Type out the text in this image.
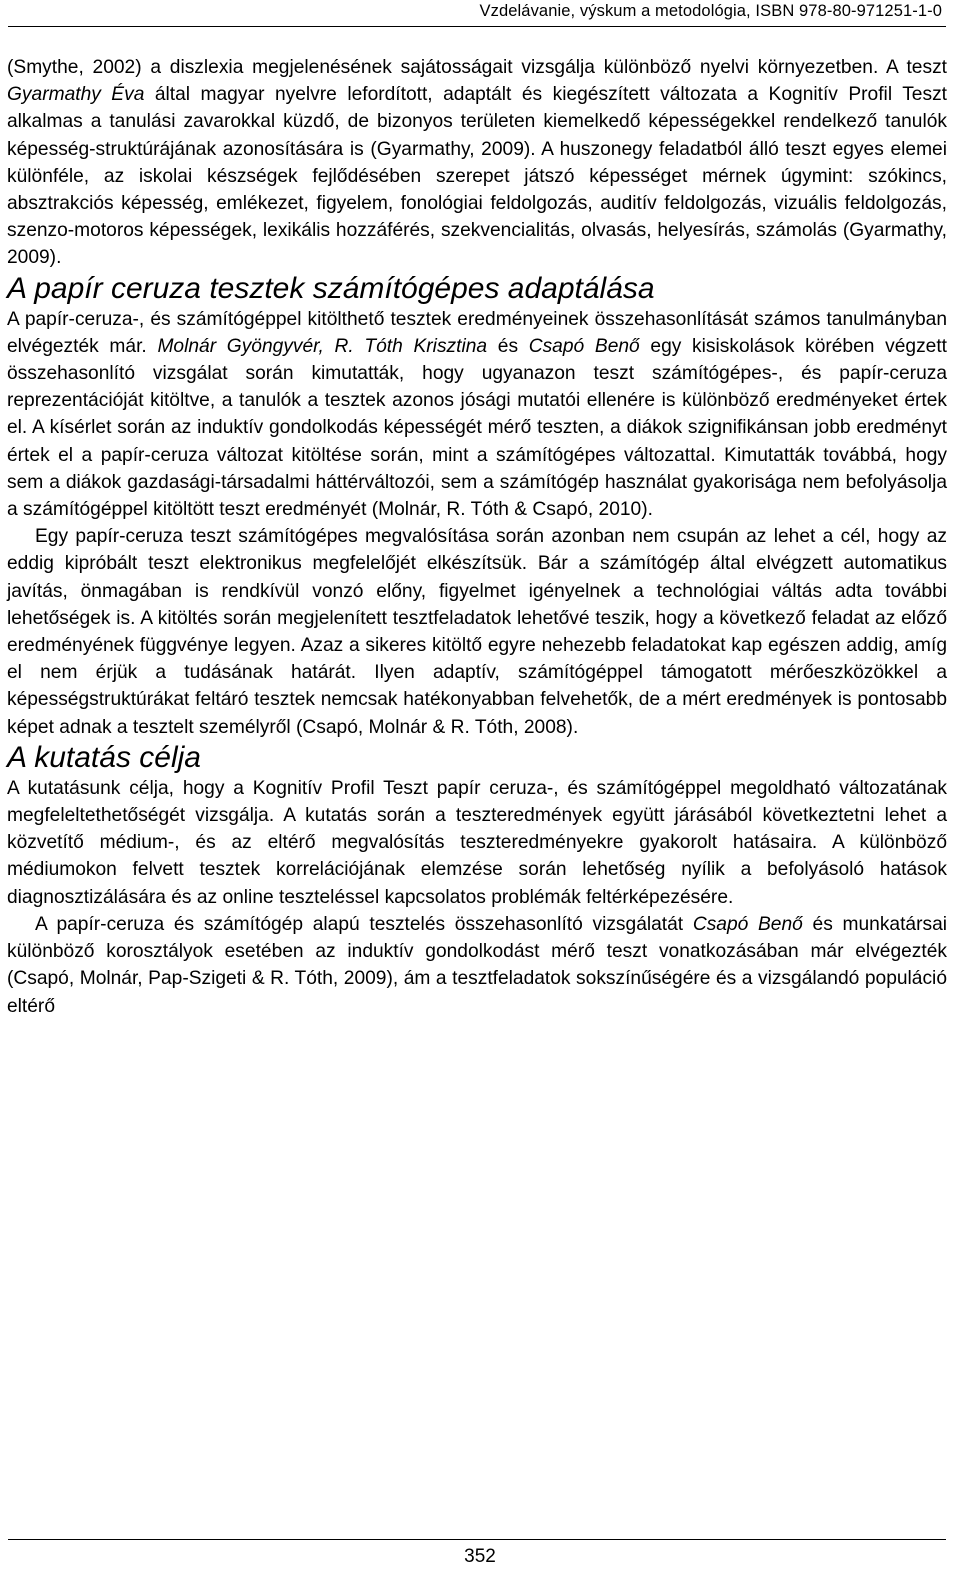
Vzdelávanie, výskum a metodológia, ISBN 978-80-971251-1-0

(Smythe, 2002) a diszlexia megjelenésének sajátosságait vizsgálja különböző nyelvi környezetben. A teszt Gyarmathy Éva által magyar nyelvre lefordított, adaptált és kiegészített változata a Kognitív Profil Teszt alkalmas a tanulási zavarokkal küzdő, de bizonyos területen kiemelkedő képességekkel rendelkező tanulók képesség-struktúrájának azonosítására is (Gyarmathy, 2009). A huszonegy feladatból álló teszt egyes elemei különféle, az iskolai készségek fejlődésében szerepet játszó képességet mérnek úgymint: szókincs, absztrakciós képesség, emlékezet, figyelem, fonológiai feldolgozás, auditív feldolgozás, vizuális feldolgozás, szenzo-motoros képességek, lexikális hozzáférés, szekvencialitás, olvasás, helyesírás, számolás (Gyarmathy, 2009).

A papír ceruza tesztek számítógépes adaptálása

A papír-ceruza-, és számítógéppel kitölthető tesztek eredményeinek összehasonlítását számos tanulmányban elvégezték már. Molnár Gyöngyvér, R. Tóth Krisztina és Csapó Benő egy kisiskolások körében végzett összehasonlító vizsgálat során kimutatták, hogy ugyanazon teszt számítógépes-, és papír-ceruza reprezentációját kitöltve, a tanulók a tesztek azonos jósági mutatói ellenére is különböző eredményeket értek el. A kísérlet során az induktív gondolkodás képességét mérő teszten, a diákok szignifikánsan jobb eredményt értek el a papír-ceruza változat kitöltése során, mint a számítógépes változattal. Kimutatták továbbá, hogy sem a diákok gazdasági-társadalmi háttérváltozói, sem a számítógép használat gyakorisága nem befolyásolja a számítógéppel kitöltött teszt eredményét (Molnár, R. Tóth & Csapó, 2010).

Egy papír-ceruza teszt számítógépes megvalósítása során azonban nem csupán az lehet a cél, hogy az eddig kipróbált teszt elektronikus megfelelőjét elkészítsük. Bár a számítógép által elvégzett automatikus javítás, önmagában is rendkívül vonzó előny, figyelmet igényelnek a technológiai váltás adta további lehetőségek is. A kitöltés során megjelenített tesztfeladatok lehetővé teszik, hogy a következő feladat az előző eredményének függvénye legyen. Azaz a sikeres kitöltő egyre nehezebb feladatokat kap egészen addig, amíg el nem érjük a tudásának határát. Ilyen adaptív, számítógéppel támogatott mérőeszközökkel a képességstruktúrákat feltáró tesztek nemcsak hatékonyabban felvehetők, de a mért eredmények is pontosabb képet adnak a tesztelt személyről (Csapó, Molnár & R. Tóth, 2008).

A kutatás célja

A kutatásunk célja, hogy a Kognitív Profil Teszt papír ceruza-, és számítógéppel megoldható változatának megfeleltethetőségét vizsgálja. A kutatás során a teszteredmények együtt járásából következtetni lehet a közvetítő médium-, és az eltérő megvalósítás teszteredményekre gyakorolt hatásaira. A különböző médiumokon felvett tesztek korrelációjának elemzése során lehetőség nyílik a befolyásoló hatások diagnosztizálására és az online teszteléssel kapcsolatos problémák feltérképezésére.

A papír-ceruza és számítógép alapú tesztelés összehasonlító vizsgálatát Csapó Benő és munkatársai különböző korosztályok esetében az induktív gondolkodást mérő teszt vonatkozásában már elvégezték (Csapó, Molnár, Pap-Szigeti & R. Tóth, 2009), ám a tesztfeladatok sokszínűségére és a vizsgálandó populáció eltérő

352
